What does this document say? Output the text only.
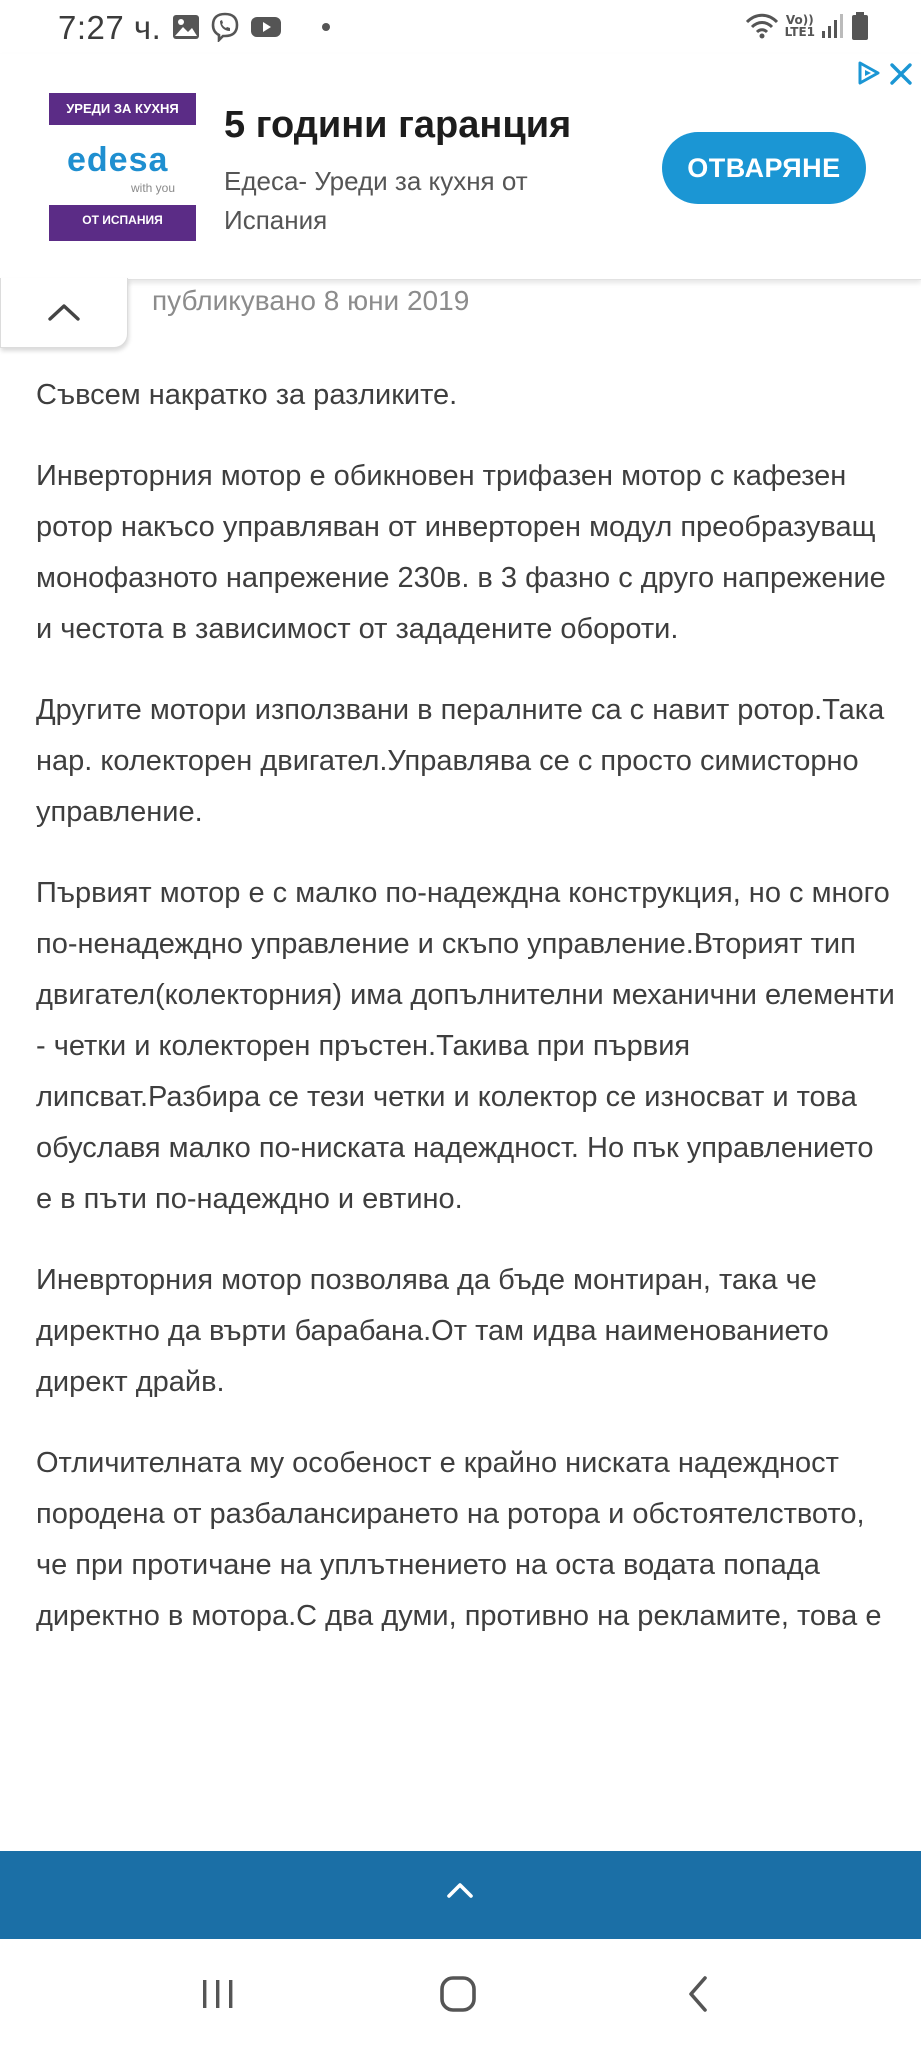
7:27 ч.	Vo))
LTE1
УРЕДИ ЗА КУХНЯ
edesa
with you
ОТ ИСПАНИЯ
5 години гаранция
Едеса- Уреди за кухня от Испания
ОТВАРЯНЕ
публикувано 8 юни 2019

Съвсем накратко за разликите.

Инверторния мотор е обикновен трифазен мотор с кафезен ротор накъсо управляван от инверторен модул преобразуващ монофазното напрежение 230в. в 3 фазно с друго напрежение и честота в зависимост от зададените обороти.

Другите мотори използвани в пералните са с навит ротор.Така нар. колекторен двигател.Управлява се с просто симисторно управление.

Първият мотор е с малко по-надеждна конструкция, но с много по-ненадеждно управление и скъпо управление.Вторият тип двигател(колекторния) има допълнителни механични елементи - четки и колекторен пръстен.Такива при първия липсват.Разбира се тези четки и колектор се износват и това обуславя малко по-ниската надеждност. Но пък управлението е в пъти по-надеждно и евтино.

Иневрторния мотор позволява да бъде монтиран, така че директно да върти барабана.От там идва наименованието директ драйв.

Отличителната му особеност е крайно ниската надеждност породена от разбалансирането на ротора и обстоятелството, че при протичане на уплътнението на оста водата попада директно в мотора.С два думи, противно на рекламите, това е
